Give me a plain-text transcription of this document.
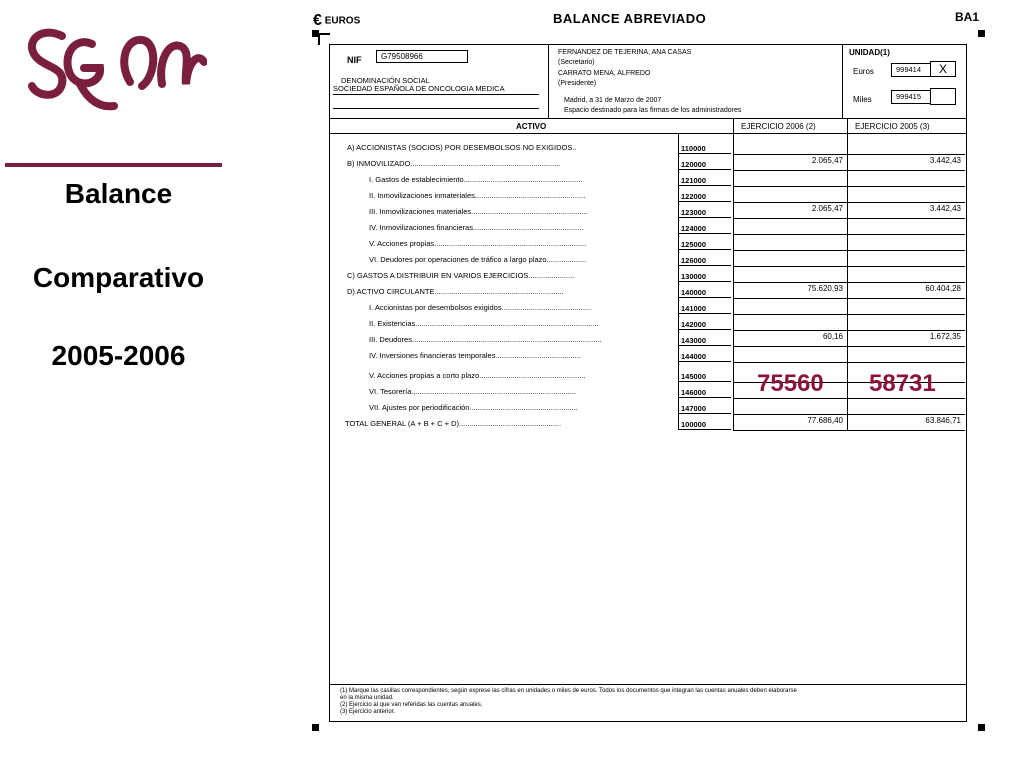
Balance
Comparativo
2005-2006
€ EUROS	BALANCE ABREVIADO	BA1
NIF	G79508966
DENOMINACIÓN SOCIAL
SOCIEDAD ESPAÑOLA DE ONCOLOGIA MEDICA
FERNANDEZ DE TEJERINA, ANA CASAS
(Secretario)
CARRATO MENA, ALFREDO
(Presidente)
Madrid, a 31 de Marzo de 2007
Espacio destinado para las firmas de los administradores
UNIDAD(1)
Euros	999414	X
Miles	999415
ACTIVO	EJERCICIO 2006 (2)	EJERCICIO 2005 (3)
A) ACCIONISTAS (SOCIOS) POR DESEMBOLSOS NO EXIGIDOS..	110000
B) INMOVILIZADO........................................................................	120000	2.065,47	3.442,43
I. Gastos de establecimiento.........................................................	121000
II. Inmovilizaciones inmateriales.....................................................	122000
III. Inmovilizaciones materiales........................................................	123000	2.065,47	3.442,43
IV. Inmovilizaciones financieras.....................................................	124000
V. Acciones propias.........................................................................	125000
VI. Deudores por operaciones de tráfico a largo plazo...................	126000
C) GASTOS A DISTRIBUIR EN VARIOS EJERCICIOS......................	130000
D) ACTIVO CIRCULANTE..............................................................	140000	75.620,93	60.404,28
I. Accionistas por desembolsos exigidos...........................................	141000
II. Existencias........................................................................................	142000
III. Deudores...........................................................................................	143000	60,16	1.672,35
IV. Inversiones financieras temporales.........................................	144000
V. Acciones propias a corto plazo...................................................	145000
VI. Tesorería...............................................................................	146000
VII. Ajustes por periodificación....................................................	147000
TOTAL GENERAL (A + B + C + D).................................................	100000	77.686,40	63.846,71
75560 58731
(1) Marque las casillas correspondientes, según exprese las cifras en unidades o miles de euros. Todos los documentos que integran las cuentas anuales deben elaborarse
en la misma unidad.
(2) Ejercicio al que van referidas las cuentas anuales.
(3) Ejercicio anterior.
